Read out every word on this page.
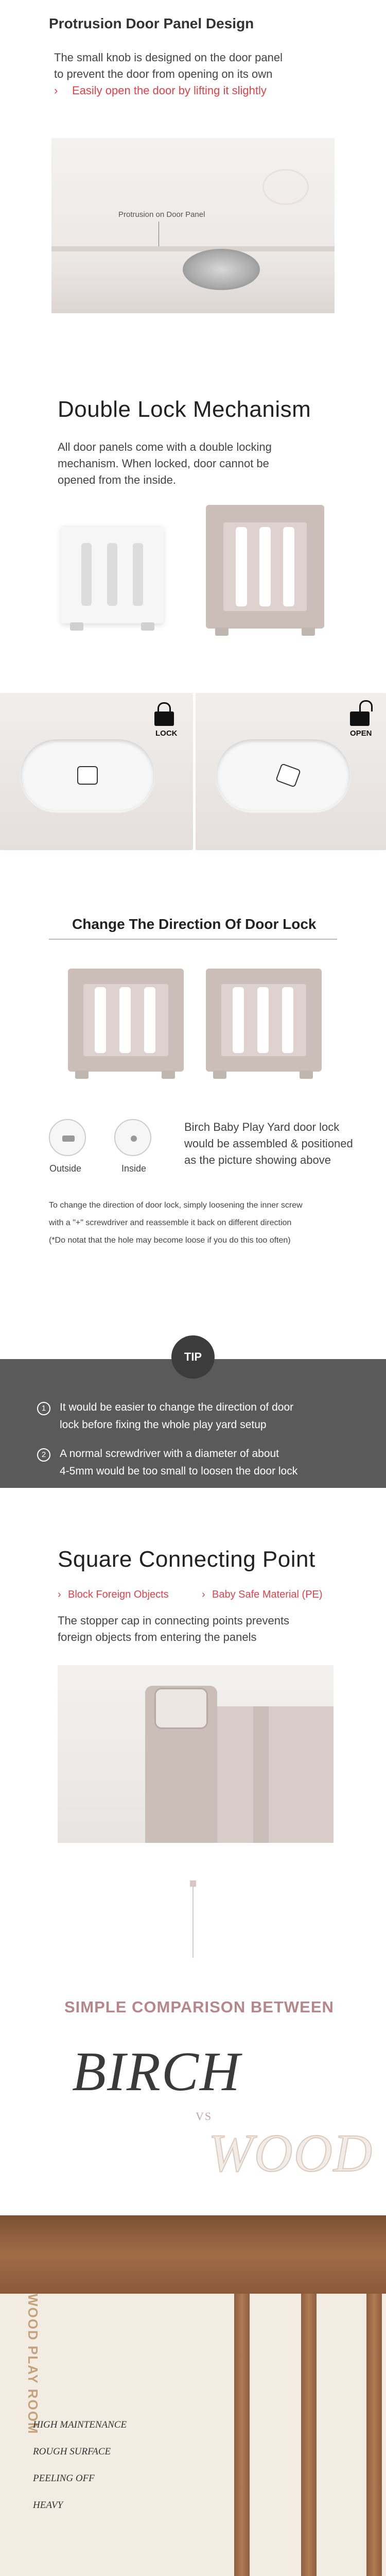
Protrusion Door Panel Design
The small knob is designed on the door panel
to prevent the door from opening on its own
› Easily open the door by lifting it slightly
Protrusion on Door Panel
Double Lock Mechanism
All door panels come with a double locking
mechanism. When locked, door cannot be
opened from the inside.
LOCK	OPEN
Change The Direction Of Door Lock
Outside	Inside
Birch Baby Play Yard door lock
would be assembled & positioned
as the picture showing above
To change the direction of door lock, simply loosening the inner screw
with a "+" screwdriver and reassemble it back on different direction
(*Do notat that the hole may become loose if you do this too often)
TIP
1	It would be easier to change the direction of door
lock before fixing the whole play yard setup
2	A normal screwdriver with a diameter of about
4-5mm would be too small to loosen the door lock
Square Connecting Point
› Block Foreign Objects	› Baby Safe Material (PE)
The stopper cap in connecting points prevents
foreign objects from entering the panels
SIMPLE COMPARISON BETWEEN
BIRCH
VS
WOOD
WOOD PLAY ROOM
HIGH MAINTENANCE
ROUGH SURFACE
PEELING OFF
HEAVY
